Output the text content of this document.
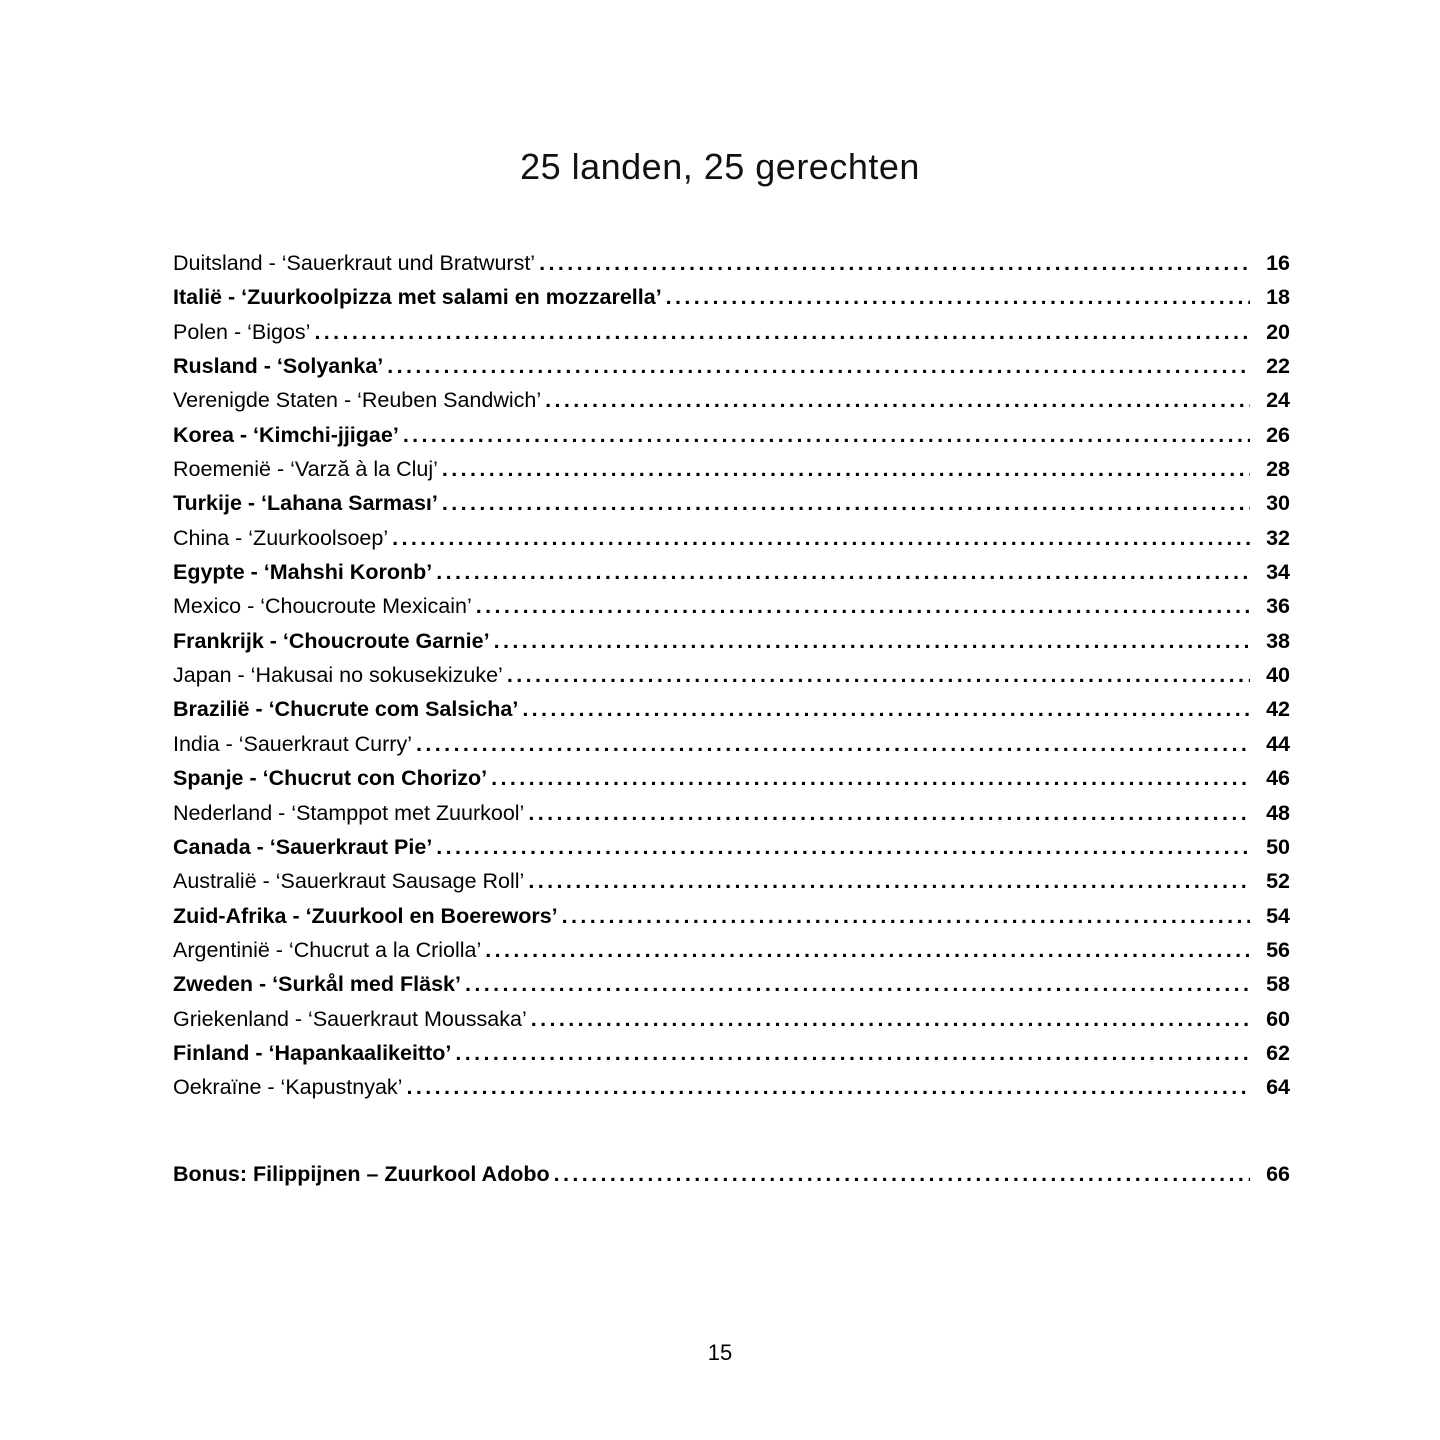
25 landen, 25 gerechten
Duitsland - ‘Sauerkraut und Bratwurst’ .....	16
Italië - ‘Zuurkoolpizza met salami en mozzarella’ .....	18
Polen - ‘Bigos’ .....	20
Rusland - ‘Solyanka’ .....	22
Verenigde Staten - ‘Reuben Sandwich’ .....	24
Korea - ‘Kimchi-jjigae’ .....	26
Roemenië - ‘Varză à la Cluj’ .....	28
Turkije - ‘Lahana Sarması’ .....	30
China - ‘Zuurkoolsoep’ .....	32
Egypte - ‘Mahshi Koronb’ .....	34
Mexico - ‘Choucroute Mexicain’ .....	36
Frankrijk - ‘Choucroute Garnie’ .....	38
Japan - ‘Hakusai no sokusekizuke’ .....	40
Brazilië - ‘Chucrute com Salsicha’ .....	42
India - ‘Sauerkraut Curry’ .....	44
Spanje - ‘Chucrut con Chorizo’ .....	46
Nederland - ‘Stamppot met Zuurkool’ .....	48
Canada - ‘Sauerkraut Pie’ .....	50
Australië - ‘Sauerkraut Sausage Roll’ .....	52
Zuid-Afrika - ‘Zuurkool en Boerewors’ .....	54
Argentinië - ‘Chucrut a la Criolla’ .....	56
Zweden - ‘Surkål med Fläsk’ .....	58
Griekenland - ‘Sauerkraut Moussaka’ .....	60
Finland - ‘Hapankaalikeitto’ .....	62
Oekraïne - ‘Kapustnyak’ .....	64
Bonus: Filippijnen – Zuurkool Adobo .....	66
15
